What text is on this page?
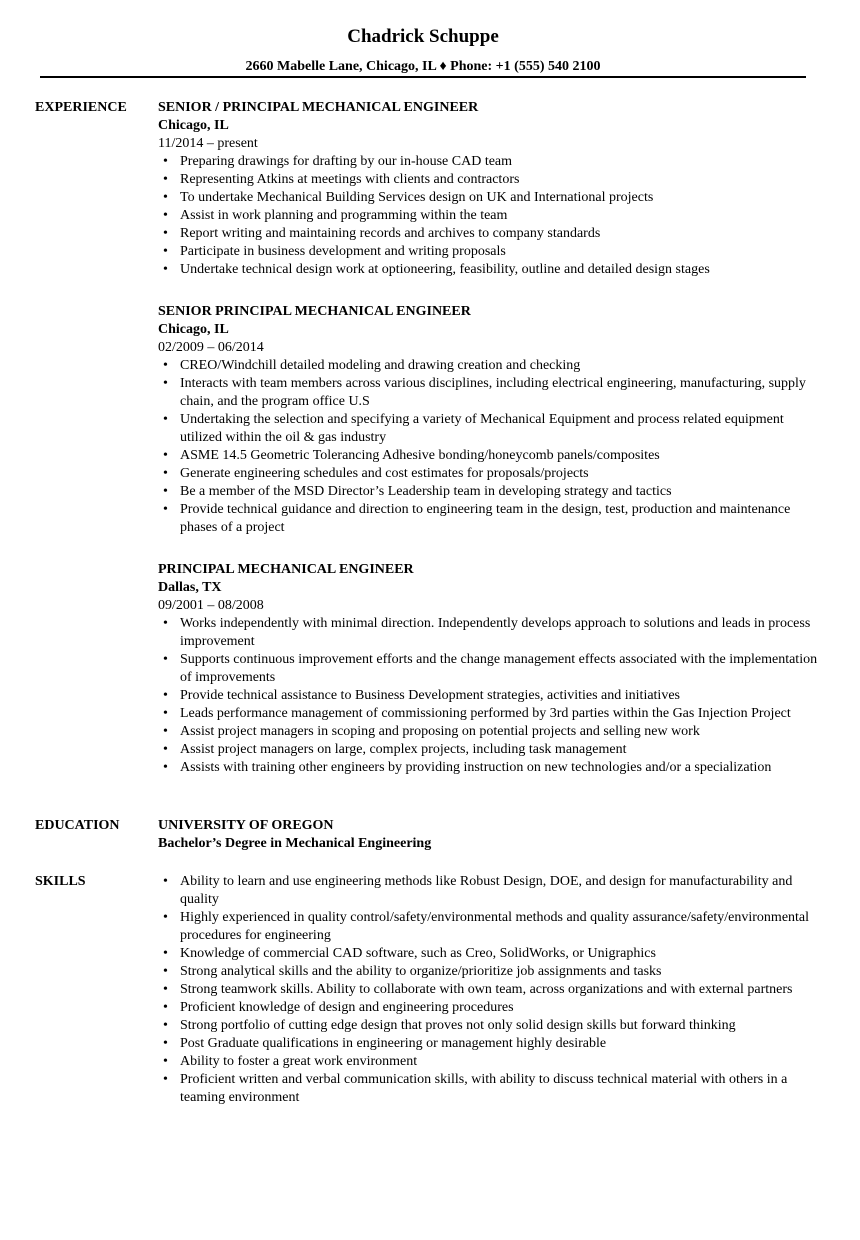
Chadrick Schuppe
2660 Mabelle Lane, Chicago, IL ♦ Phone: +1 (555) 540 2100
EXPERIENCE SENIOR / PRINCIPAL MECHANICAL ENGINEER
Chicago, IL
11/2014 – present
• Preparing drawings for drafting by our in-house CAD team
• Representing Atkins at meetings with clients and contractors
• To undertake Mechanical Building Services design on UK and International projects
• Assist in work planning and programming within the team
• Report writing and maintaining records and archives to company standards
• Participate in business development and writing proposals
• Undertake technical design work at optioneering, feasibility, outline and detailed design stages
SENIOR PRINCIPAL MECHANICAL ENGINEER
Chicago, IL
02/2009 – 06/2014
• CREO/Windchill detailed modeling and drawing creation and checking
• Interacts with team members across various disciplines, including electrical engineering, manufacturing, supply chain, and the program office U.S
• Undertaking the selection and specifying a variety of Mechanical Equipment and process related equipment utilized within the oil & gas industry
• ASME 14.5 Geometric Tolerancing Adhesive bonding/honeycomb panels/composites
• Generate engineering schedules and cost estimates for proposals/projects
• Be a member of the MSD Director’s Leadership team in developing strategy and tactics
• Provide technical guidance and direction to engineering team in the design, test, production and maintenance phases of a project
PRINCIPAL MECHANICAL ENGINEER
Dallas, TX
09/2001 – 08/2008
• Works independently with minimal direction. Independently develops approach to solutions and leads in process improvement
• Supports continuous improvement efforts and the change management effects associated with the implementation of improvements
• Provide technical assistance to Business Development strategies, activities and initiatives
• Leads performance management of commissioning performed by 3rd parties within the Gas Injection Project
• Assist project managers in scoping and proposing on potential projects and selling new work
• Assist project managers on large, complex projects, including task management
• Assists with training other engineers by providing instruction on new technologies and/or a specialization
EDUCATION	UNIVERSITY OF OREGON
Bachelor’s Degree in Mechanical Engineering
SKILLS
•	Ability to learn and use engineering methods like Robust Design, DOE, and design for manufacturability and quality
• Highly experienced in quality control/safety/environmental methods and quality assurance/safety/environmental procedures for engineering
• Knowledge of commercial CAD software, such as Creo, SolidWorks, or Unigraphics
• Strong analytical skills and the ability to organize/prioritize job assignments and tasks
• Strong teamwork skills. Ability to collaborate with own team, across organizations and with external partners
• Proficient knowledge of design and engineering procedures
• Strong portfolio of cutting edge design that proves not only solid design skills but forward thinking
• Post Graduate qualifications in engineering or management highly desirable
• Ability to foster a great work environment
• Proficient written and verbal communication skills, with ability to discuss technical material with others in a teaming environment
